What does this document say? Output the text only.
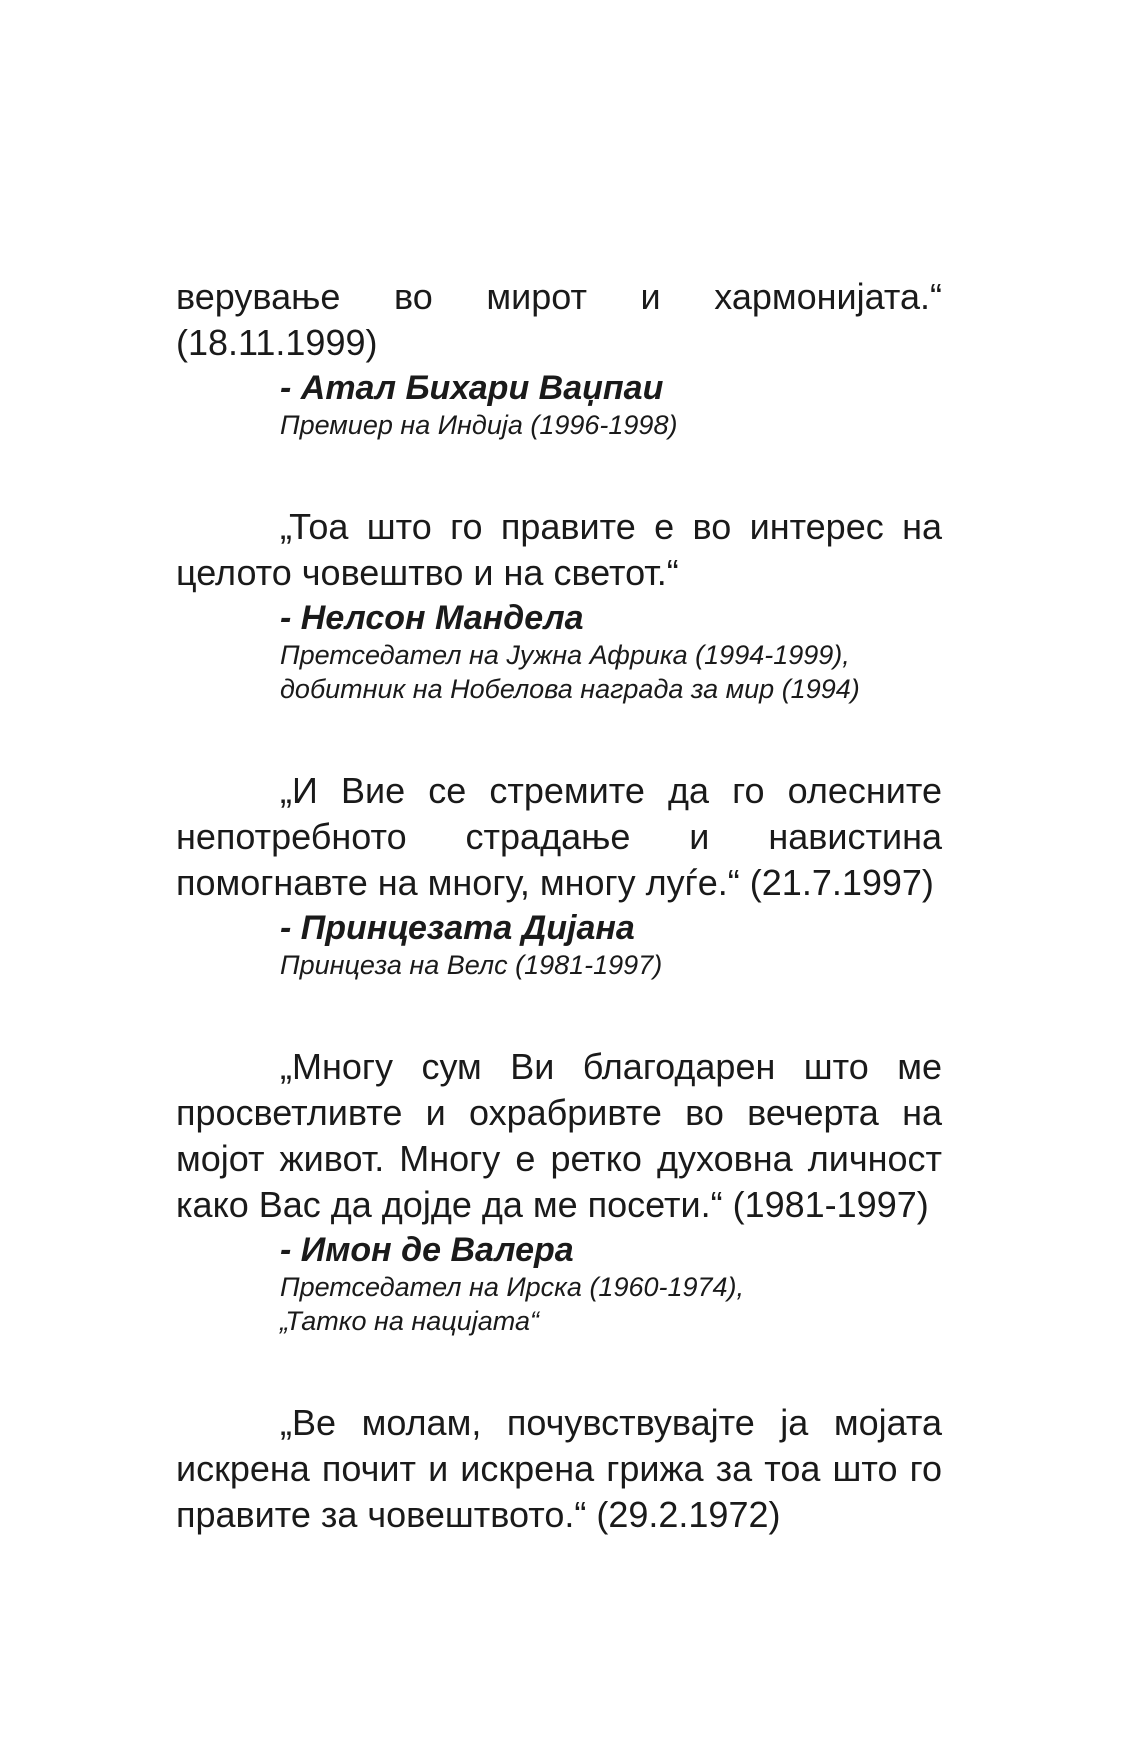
верување во мирот и хармонијата.“ (18.11.1999)

- Атал Бихари Ваџпаи

Премиер на Индија (1996-1998)

„Тоа што го правите е во интерес на целото човештво и на светот.“

- Нелсон Мандела

Претседател на Јужна Африка (1994-1999),

добитник на Нобелова награда за мир (1994)

„И Вие се стремите да го олесните непотребното страдање и навистина помогнавте на многу, многу луѓе.“ (21.7.1997)

- Принцезата Дијана

Принцеза на Велс (1981-1997)

„Многу сум Ви благодарен што ме просветливте и охрабривте во вечерта на мојот живот. Многу е ретко духовна личност како Вас да дојде да ме посети.“ (1981-1997)

- Имон де Валера

Претседател на Ирска (1960-1974),

„Татко на нацијата“

„Ве молам, почувствувајте ја мојата искрена почит и искрена грижа за тоа што го правите за човештвото.“ (29.2.1972)
